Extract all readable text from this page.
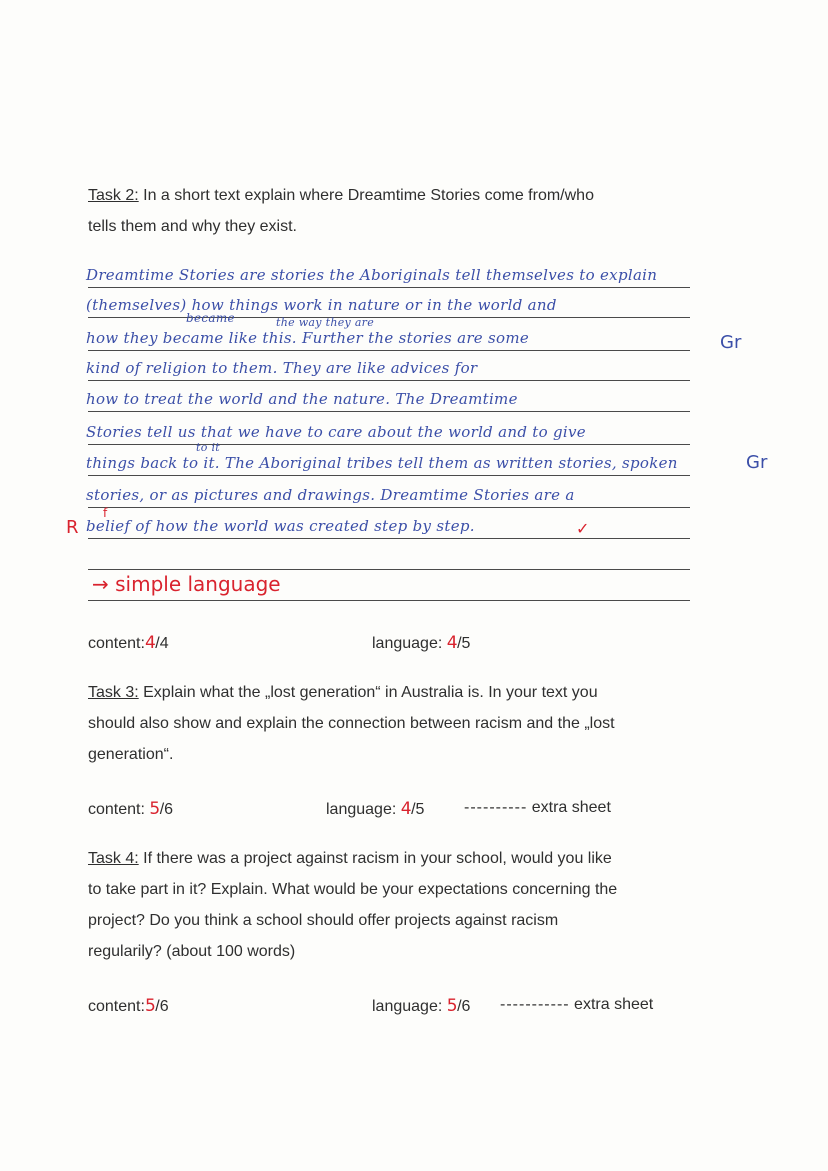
Task 2: In a short text explain where Dreamtime Stories come from/who
tells them and why they exist.
Dreamtime Stories are stories the Aboriginals tell themselves to explain
(themselves) how things work in nature or in the world and
became	the way they are
how they became like this. Further the stories are some
kind of religion to them. They are like advices for
how to treat the world and the nature. The Dreamtime
Stories tell us that we have to care about the world and to give
to it
things back to it. The Aboriginal tribes tell them as written stories, spoken
stories, or as pictures and drawings. Dreamtime Stories are a
belief of how the world was created step by step.
Gr
Gr
R
f
✓
→ simple language
content:4/4	language: 4/5
Task 3: Explain what the „lost generation“ in Australia is. In your text you
should also show and explain the connection between racism and the „lost
generation“.
content: 5/6	language: 4/5 ---------- extra sheet
Task 4: If there was a project against racism in your school, would you like
to take part in it? Explain. What would be your expectations concerning the
project? Do you think a school should offer projects against racism
regularily? (about 100 words)
content:5/6	language: 5/6 ----------- extra sheet
